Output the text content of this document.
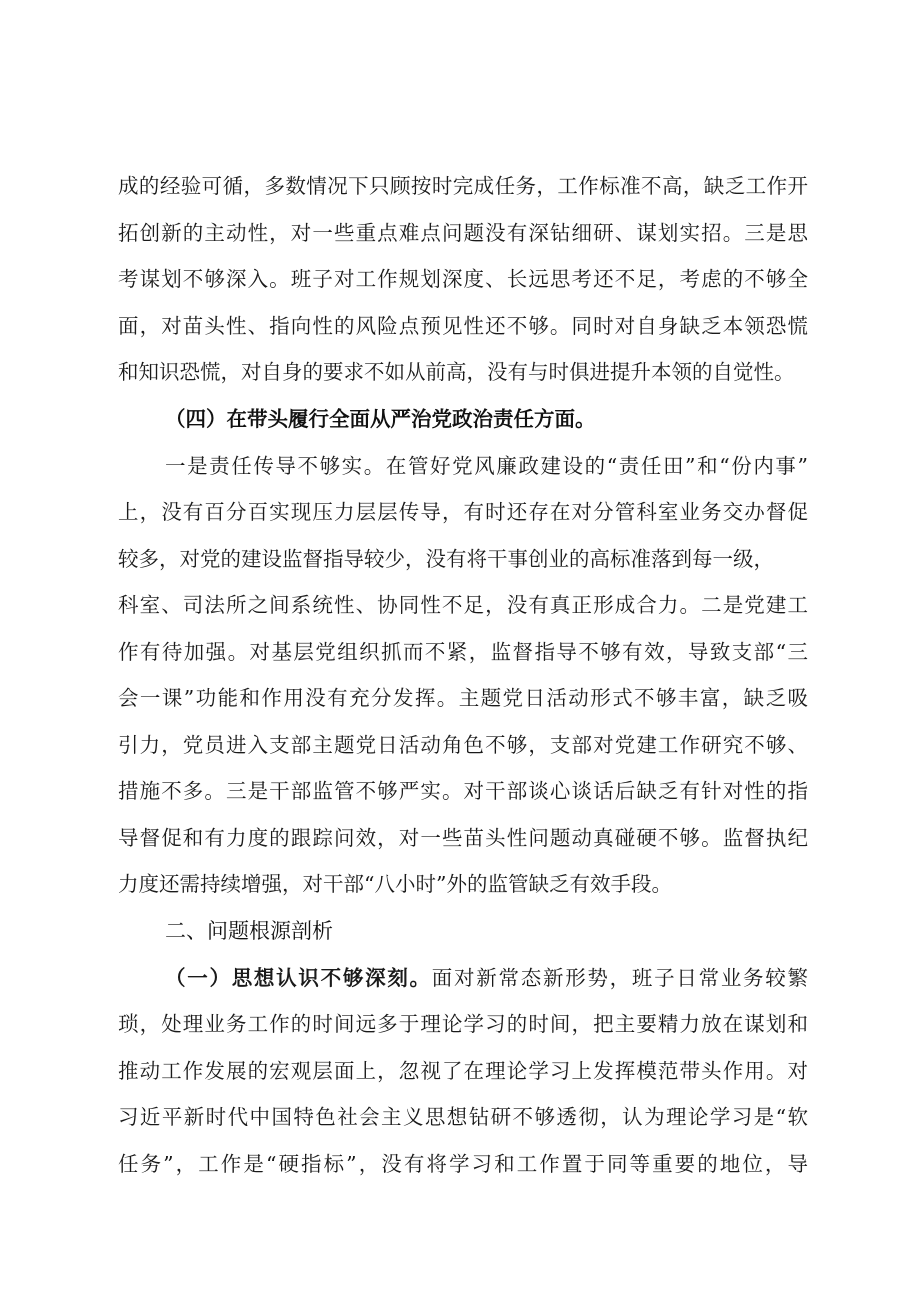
成的经验可循，多数情况下只顾按时完成任务，工作标准不高，缺乏工作开
拓创新的主动性，对一些重点难点问题没有深钻细研、谋划实招。三是思
考谋划不够深入。班子对工作规划深度、长远思考还不足，考虑的不够全
面，对苗头性、指向性的风险点预见性还不够。同时对自身缺乏本领恐慌
和知识恐慌，对自身的要求不如从前高，没有与时俱进提升本领的自觉性。
（四）在带头履行全面从严治党政治责任方面。
一是责任传导不够实。在管好党风廉政建设的“责任田”和“份内事”
上，没有百分百实现压力层层传导，有时还存在对分管科室业务交办督促
较多，对党的建设监督指导较少，没有将干事创业的高标准落到每一级，
科室、司法所之间系统性、协同性不足，没有真正形成合力。二是党建工
作有待加强。对基层党组织抓而不紧，监督指导不够有效，导致支部“三
会一课”功能和作用没有充分发挥。主题党日活动形式不够丰富，缺乏吸
引力，党员进入支部主题党日活动角色不够，支部对党建工作研究不够、
措施不多。三是干部监管不够严实。对干部谈心谈话后缺乏有针对性的指
导督促和有力度的跟踪问效，对一些苗头性问题动真碰硬不够。监督执纪
力度还需持续增强，对干部“八小时”外的监管缺乏有效手段。
二、问题根源剖析
（一）思想认识不够深刻。面对新常态新形势，班子日常业务较繁
琐，处理业务工作的时间远多于理论学习的时间，把主要精力放在谋划和
推动工作发展的宏观层面上，忽视了在理论学习上发挥模范带头作用。对
习近平新时代中国特色社会主义思想钻研不够透彻，认为理论学习是“软
任务”，工作是“硬指标”，没有将学习和工作置于同等重要的地位，导
